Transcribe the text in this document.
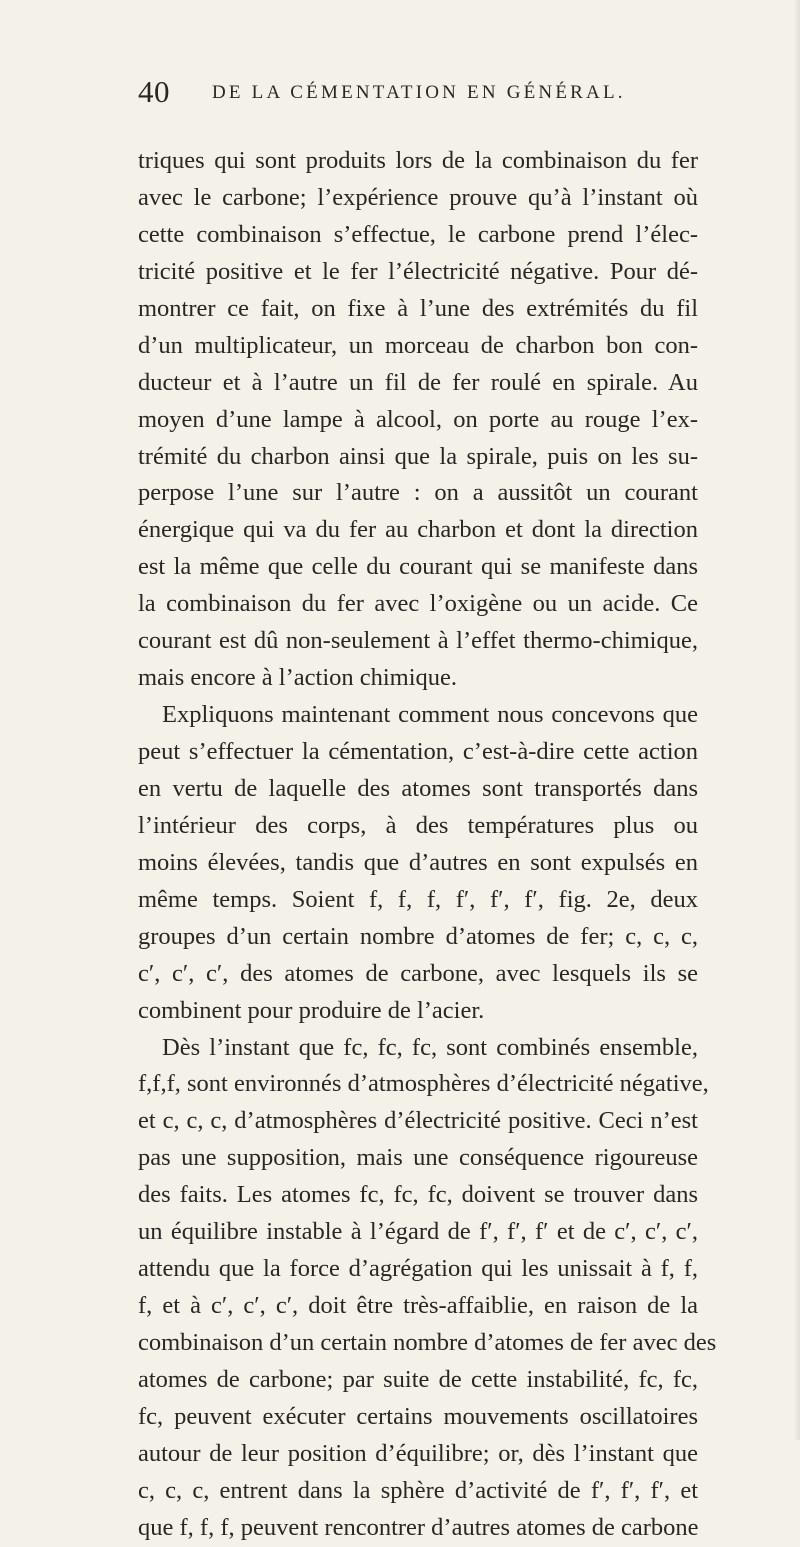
40 DE LA CÉMENTATION EN GÉNÉRAL.
triques qui sont produits lors de la combinaison du fer
avec le carbone; l’expérience prouve qu’à l’instant où
cette combinaison s’effectue, le carbone prend l’élec-
tricité positive et le fer l’électricité négative. Pour dé-
montrer ce fait, on fixe à l’une des extrémités du fil
d’un multiplicateur, un morceau de charbon bon con-
ducteur et à l’autre un fil de fer roulé en spirale. Au
moyen d’une lampe à alcool, on porte au rouge l’ex-
trémité du charbon ainsi que la spirale, puis on les su-
perpose l’une sur l’autre : on a aussitôt un courant
énergique qui va du fer au charbon et dont la direction
est la même que celle du courant qui se manifeste dans
la combinaison du fer avec l’oxigène ou un acide. Ce
courant est dû non-seulement à l’effet thermo-chimique,
mais encore à l’action chimique.
Expliquons maintenant comment nous concevons que
peut s’effectuer la cémentation, c’est-à-dire cette action
en vertu de laquelle des atomes sont transportés dans
l’intérieur des corps, à des températures plus ou
moins élevées, tandis que d’autres en sont expulsés en
même temps. Soient f, f, f, f′, f′, f′, fig. 2e, deux
groupes d’un certain nombre d’atomes de fer; c, c, c,
c′, c′, c′, des atomes de carbone, avec lesquels ils se
combinent pour produire de l’acier.
Dès l’instant que fc, fc, fc, sont combinés ensemble,
f,f,f, sont environnés d’atmosphères d’électricité négative,
et c, c, c, d’atmosphères d’électricité positive. Ceci n’est
pas une supposition, mais une conséquence rigoureuse
des faits. Les atomes fc, fc, fc, doivent se trouver dans
un équilibre instable à l’égard de f′, f′, f′ et de c′, c′, c′,
attendu que la force d’agrégation qui les unissait à f, f,
f, et à c′, c′, c′, doit être très-affaiblie, en raison de la
combinaison d’un certain nombre d’atomes de fer avec des
atomes de carbone; par suite de cette instabilité, fc, fc,
fc, peuvent exécuter certains mouvements oscillatoires
autour de leur position d’équilibre; or, dès l’instant que
c, c, c, entrent dans la sphère d’activité de f′, f′, f′, et
que f, f, f, peuvent rencontrer d’autres atomes de carbone
